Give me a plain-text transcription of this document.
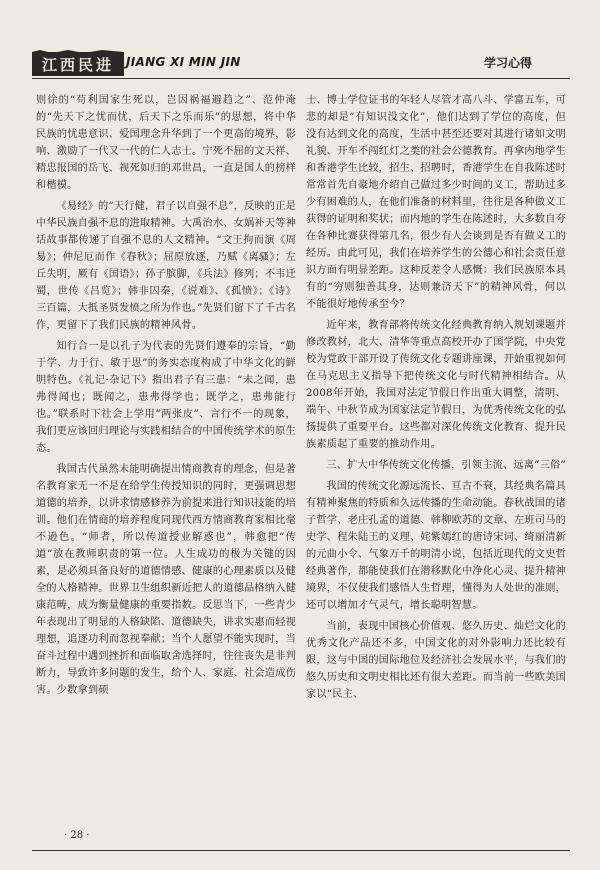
江西民进 JIANG XI MIN JIN	学习心得

则徐的“苟利国家生死以，岂因祸福避趋之”、范仲淹的“先天下之忧而忧，后天下之乐而乐”的思想，将中华民族的忧患意识、爱国理念升华到了一个更高的境界，影响、激励了一代又一代的仁人志士。宁死不屈的文天祥、精忠报国的岳飞、视死如归的邓世昌，一直是国人的榜样和楷模。

《易经》的“天行健，君子以自强不息”，反映的正是中华民族自强不息的进取精神。大禹治水、女娲补天等神话故事都传递了自强不息的人文精神。“文王拘而演《周易》；仲尼厄而作《春秋》；屈原放逐，乃赋《离骚》；左丘失明，厥有《国语》；孙子膑脚，《兵法》修列；不韦迁蜀，世传《吕览》；韩非囚秦，《说难》、《孤愤》；《诗》三百篇，大抵圣贤发愤之所为作也。”先贤们留下了千古名作，更留下了我们民族的精神风骨。

知行合一是以孔子为代表的先贤们遵奉的宗旨，“勤于学、力于行、敏于思”的务实态度构成了中华文化的鲜明特色。《礼记·杂记下》指出君子有三患：“未之闻，患弗得闻也；既闻之，患弗得学也；既学之，患弗能行也。”联系时下社会上学用“两张皮”、言行不一的现象，我们更应该回归理论与实践相结合的中国传统学术的原生态。

我国古代虽然未能明确提出情商教育的理念，但是著名教育家无一不是在给学生传授知识的同时，更强调思想道德的培养，以讲求情感修养为前提来进行知识技能的培训。他们在情商的培养程度同现代西方情商教育家相比毫不逊色。“师者，所以传道授业解惑也”，韩愈把“传道”放在教师职责的第一位。人生成功的极为关键的因素，是必须具备良好的道德情感、健康的心理素质以及健全的人格精神。世界卫生组织新近把人的道德品格纳入健康范畴，成为衡量健康的重要指数。反思当下，一些青少年表现出了明显的人格缺陷、道德缺失，讲求实惠而轻视理想，追逐功利而忽视奉献；当个人愿望不能实现时，当奋斗过程中遇到挫折和面临取舍选择时，往往丧失是非判断力，导致许多问题的发生，给个人、家庭、社会造成伤害。少数拿到硕

士、博士学位证书的年轻人尽管才高八斗、学富五车，可悲的却是“有知识没文化”，他们达到了学位的高度，但没有达到文化的高度，生活中甚至还要对其进行诸如文明礼貌、开车不闯红灯之类的社会公德教育。再拿内地学生和香港学生比较，招生、招聘时，香港学生在自我陈述时常常首先自豪地介绍自己做过多少时间的义工，帮助过多少有困难的人，在他们准备的材料里，往往是各种做义工获得的证明和奖状；而内地的学生在陈述时，大多数自夸在各种比赛获得第几名，很少有人会谈到是否有做义工的经历。由此可见，我们在培养学生的公德心和社会责任意识方面有明显差距。这种反差令人感慨：我们民族原本具有的“穷则独善其身，达则兼济天下”的精神风骨，何以不能很好地传承至今？

近年来，教育部将传统文化经典教育纳入规划课题并修改教材，北大、清华等重点高校开办了国学院，中央党校为党政干部开设了传统文化专题讲座课，开始重视如何在马克思主义指导下把传统文化与时代精神相结合。从2008年开始，我国对法定节假日作出重大调整，清明、端午、中秋节成为国家法定节假日，为优秀传统文化的弘扬提供了重要平台。这些都对深化传统文化教育、提升民族素质起了重要的推动作用。

三、扩大中华传统文化传播，引领主流、远离“三俗”

我国的传统文化源远流长、亘古不衰，其经典名篇具有精神聚焦的特质和久远传播的生命动能。春秋战国的诸子哲学、老庄孔孟的道德、韩柳欧苏的文章、左班司马的史学、程朱陆王的义理、姹紫嫣红的唐诗宋词、绮丽清新的元曲小令、气象万千的明清小说，包括近现代的文史哲经典著作，都能使我们在潜移默化中净化心灵、提升精神境界，不仅使我们感悟人生哲理，懂得为人处世的准则，还可以增加才气灵气，增长聪明智慧。

当前，表现中国核心价值观、悠久历史、灿烂文化的优秀文化产品还不多，中国文化的对外影响力还比较有限，这与中国的国际地位及经济社会发展水平，与我们的悠久历史和文明史相比还有很大差距。而当前一些欧美国家以“民主、

· 28 ·
